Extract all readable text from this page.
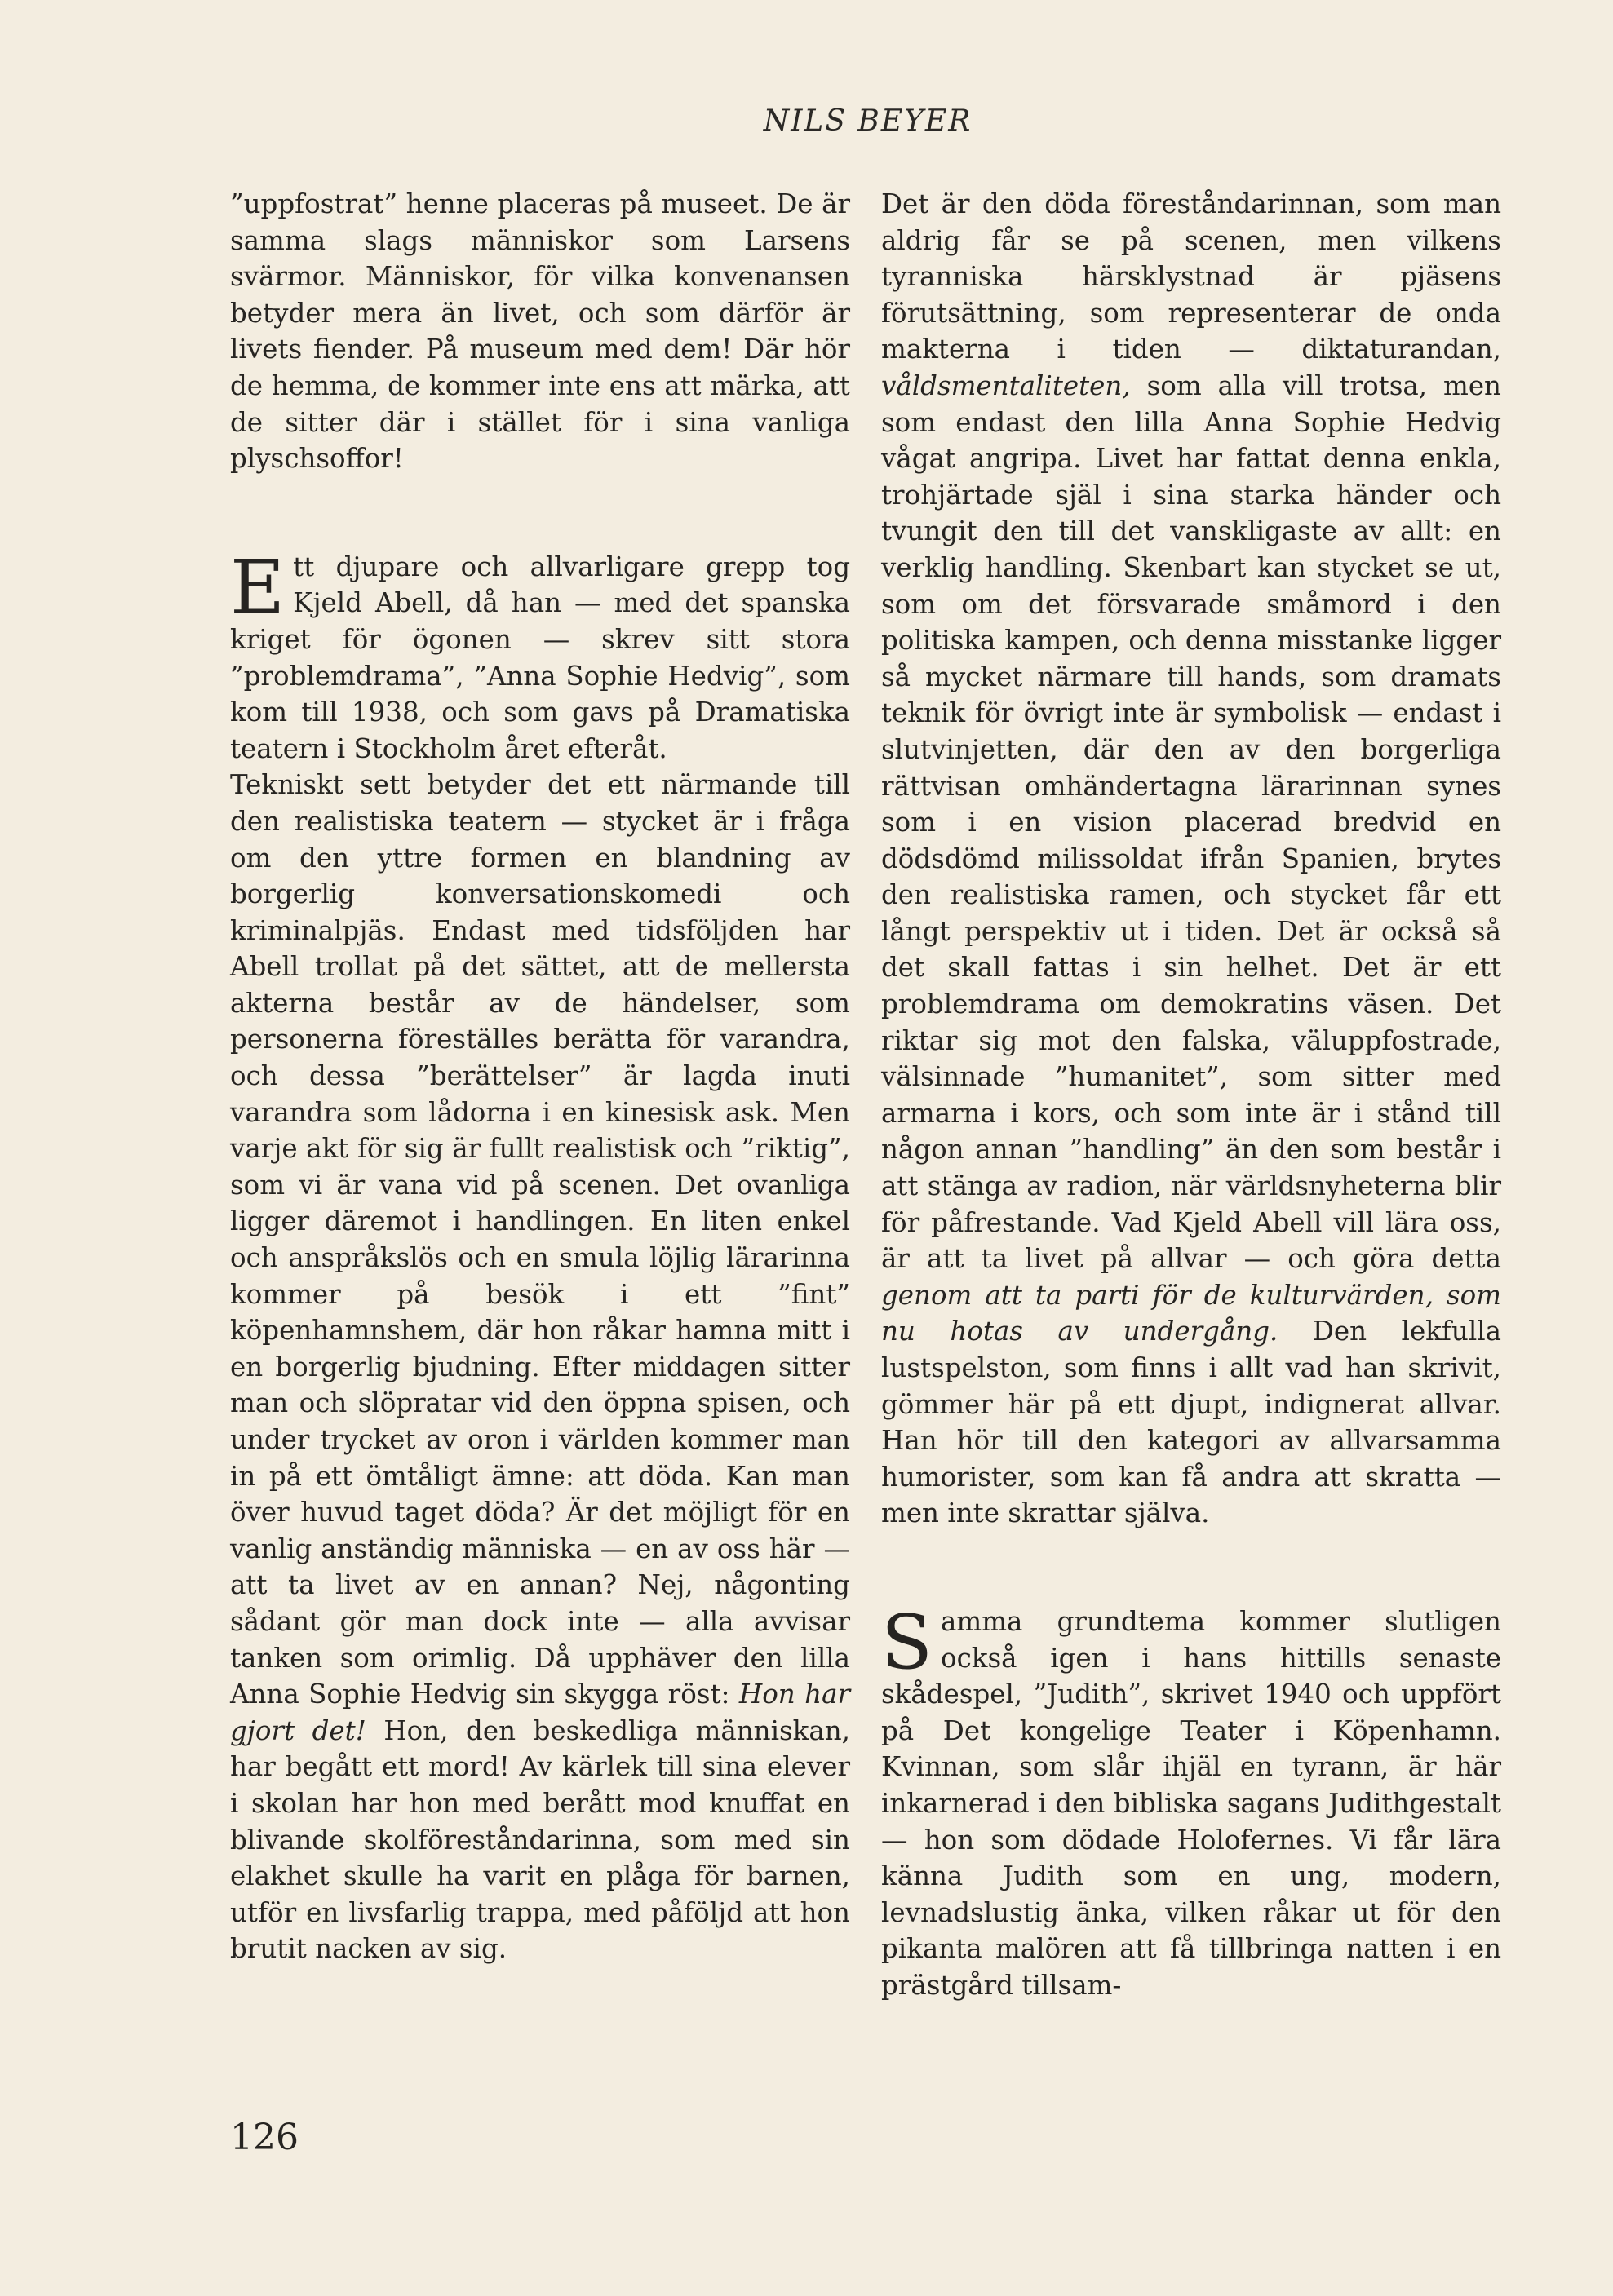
NILS BEYER

”uppfostrat” henne placeras på museet. De är samma slags människor som Larsens svärmor. Människor, för vilka konvenansen betyder mera än livet, och som därför är livets fiender. På museum med dem! Där hör de hemma, de kommer inte ens att märka, att de sitter där i stället för i sina vanliga plyschsoffor!

Ett djupare och allvarligare grepp tog Kjeld Abell, då han — med det spanska kriget för ögonen — skrev sitt stora ”problemdrama”, ”Anna Sophie Hedvig”, som kom till 1938, och som gavs på Dramatiska teatern i Stockholm året efteråt.

Tekniskt sett betyder det ett närmande till den realistiska teatern — stycket är i fråga om den yttre formen en blandning av borgerlig konversationskomedi och kriminalpjäs. Endast med tidsföljden har Abell trollat på det sättet, att de mellersta akterna består av de händelser, som personerna föreställes berätta för varandra, och dessa ”berättelser” är lagda inuti varandra som lådorna i en kinesisk ask. Men varje akt för sig är fullt realistisk och ”riktig”, som vi är vana vid på scenen. Det ovanliga ligger däremot i handlingen. En liten enkel och anspråkslös och en smula löjlig lärarinna kommer på besök i ett ”fint” köpenhamnshem, där hon råkar hamna mitt i en borgerlig bjudning. Efter middagen sitter man och slöpratar vid den öppna spisen, och under trycket av oron i världen kommer man in på ett ömtåligt ämne: att döda. Kan man över huvud taget döda? Är det möjligt för en vanlig anständig människa — en av oss här — att ta livet av en annan? Nej, någonting sådant gör man dock inte — alla avvisar tanken som orimlig. Då upphäver den lilla Anna Sophie Hedvig sin skygga röst: Hon har gjort det! Hon, den beskedliga människan, har begått ett mord! Av kärlek till sina elever i skolan har hon med berått mod knuffat en blivande skolföreståndarinna, som med sin elakhet skulle ha varit en plåga för barnen, utför en livsfarlig trappa, med påföljd att hon brutit nacken av sig.

Det är den döda föreståndarinnan, som man aldrig får se på scenen, men vilkens tyranniska härsklystnad är pjäsens förutsättning, som representerar de onda makterna i tiden — diktaturandan, våldsmentaliteten, som alla vill trotsa, men som endast den lilla Anna Sophie Hedvig vågat angripa. Livet har fattat denna enkla, trohjärtade själ i sina starka händer och tvungit den till det vanskligaste av allt: en verklig handling. Skenbart kan stycket se ut, som om det försvarade småmord i den politiska kampen, och denna misstanke ligger så mycket närmare till hands, som dramats teknik för övrigt inte är symbolisk — endast i slutvinjetten, där den av den borgerliga rättvisan omhändertagna lärarinnan synes som i en vision placerad bredvid en dödsdömd milissoldat ifrån Spanien, brytes den realistiska ramen, och stycket får ett långt perspektiv ut i tiden. Det är också så det skall fattas i sin helhet. Det är ett problemdrama om demokratins väsen. Det riktar sig mot den falska, väluppfostrade, välsinnade ”humanitet”, som sitter med armarna i kors, och som inte är i stånd till någon annan ”handling” än den som består i att stänga av radion, när världsnyheterna blir för påfrestande. Vad Kjeld Abell vill lära oss, är att ta livet på allvar — och göra detta genom att ta parti för de kulturvärden, som nu hotas av undergång. Den lekfulla lustspelston, som finns i allt vad han skrivit, gömmer här på ett djupt, indignerat allvar. Han hör till den kategori av allvarsamma humorister, som kan få andra att skratta — men inte skrattar själva.

Samma grundtema kommer slutligen också igen i hans hittills senaste skådespel, ”Judith”, skrivet 1940 och uppfört på Det kongelige Teater i Köpenhamn. Kvinnan, som slår ihjäl en tyrann, är här inkarnerad i den bibliska sagans Judithgestalt — hon som dödade Holofernes. Vi får lära känna Judith som en ung, modern, levnadslustig änka, vilken råkar ut för den pikanta malören att få tillbringa natten i en prästgård tillsam-

126
